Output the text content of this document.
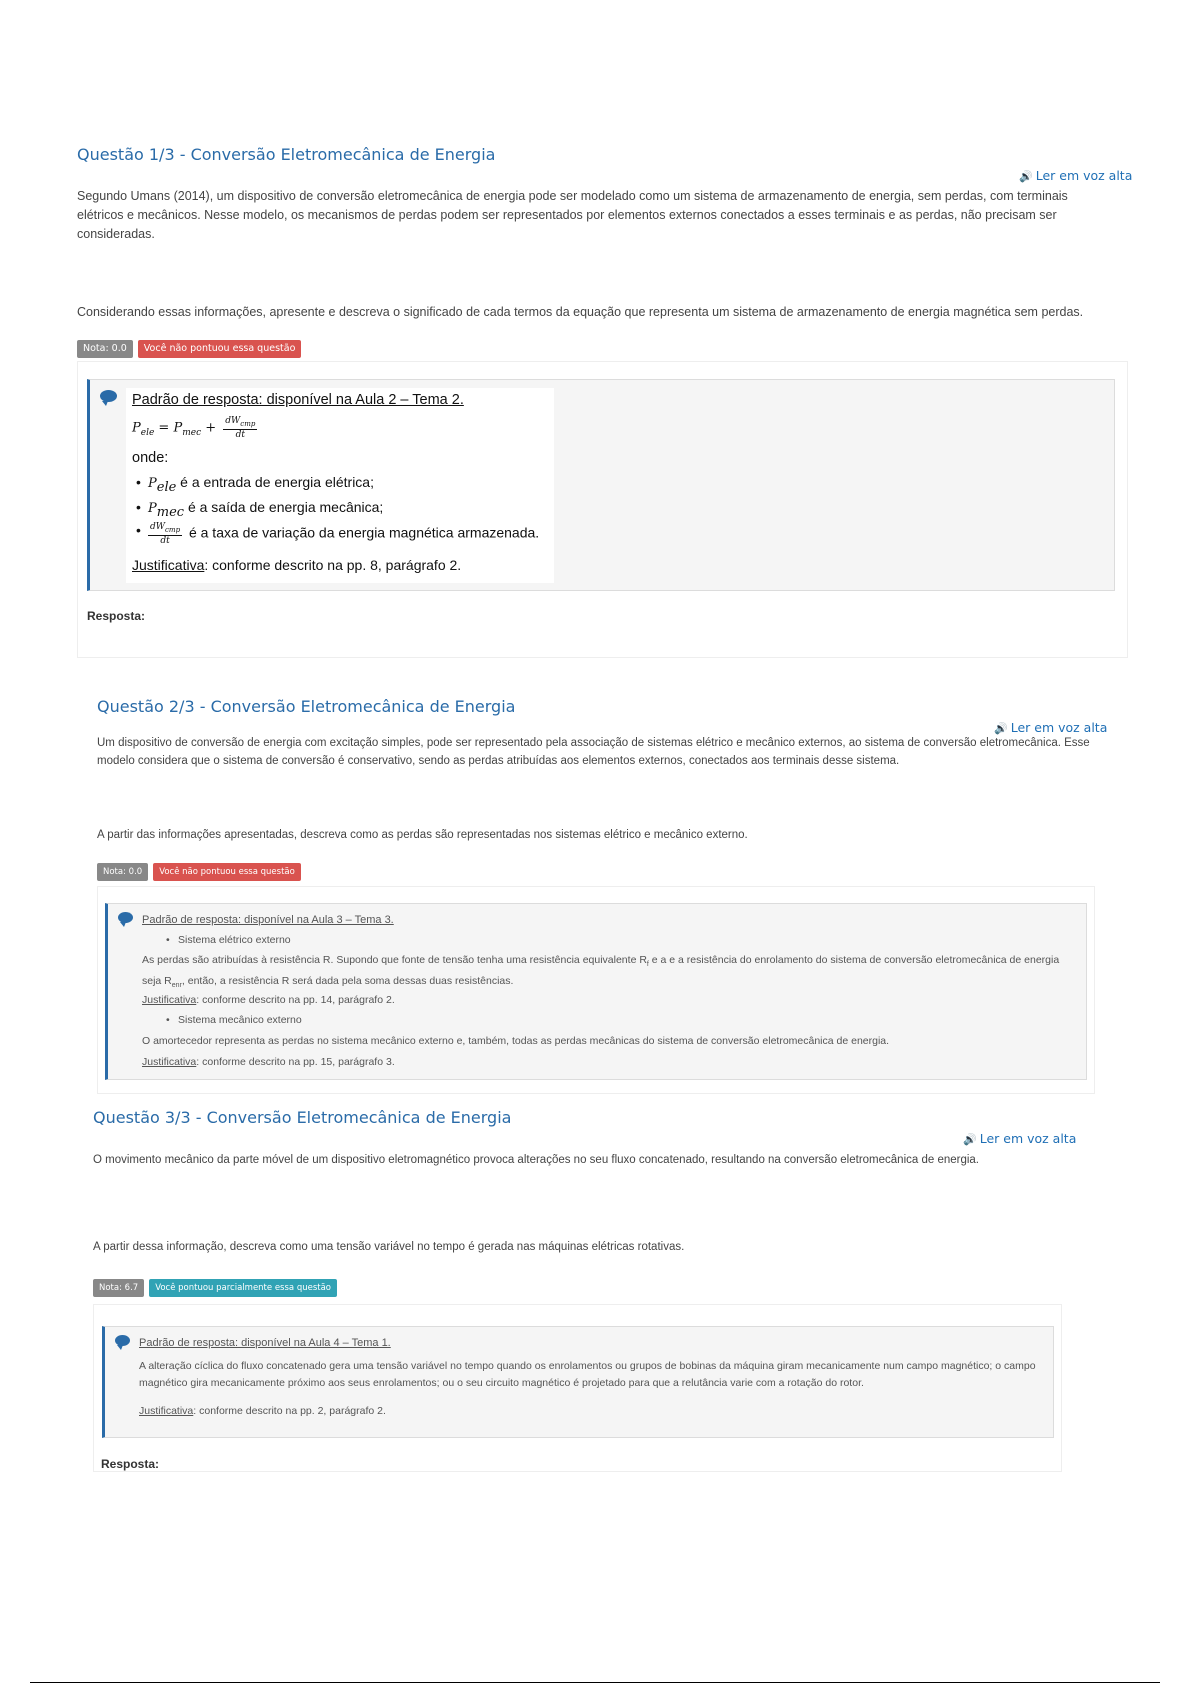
Questão 1/3 - Conversão Eletromecânica de Energia
🔊 Ler em voz alta

Segundo Umans (2014), um dispositivo de conversão eletromecânica de energia pode ser modelado como um sistema de armazenamento de energia, sem perdas, com terminais elétricos e mecânicos. Nesse modelo, os mecanismos de perdas podem ser representados por elementos externos conectados a esses terminais e as perdas, não precisam ser consideradas.

Considerando essas informações, apresente e descreva o significado de cada termos da equação que representa um sistema de armazenamento de energia magnética sem perdas.

Nota: 0.0	Você não pontuou essa questão
Padrão de resposta: disponível na Aula 2 – Tema 2.
$P_{ele} = P_{mec} + \frac{dW_{cmp}}{dt}$
onde:
• $P_{ele}$ é a entrada de energia elétrica;
• $P_{mec}$ é a saída de energia mecânica;
• $\frac{dW_{cmp}}{dt}$ é a taxa de variação da energia magnética armazenada.
Justificativa: conforme descrito na pp. 8, parágrafo 2.
Resposta:
Questão 2/3 - Conversão Eletromecânica de Energia
🔊 Ler em voz alta

Um dispositivo de conversão de energia com excitação simples, pode ser representado pela associação de sistemas elétrico e mecânico externos, ao sistema de conversão eletromecânica. Esse modelo considera que o sistema de conversão é conservativo, sendo as perdas atribuídas aos elementos externos, conectados aos terminais desse sistema.

A partir das informações apresentadas, descreva como as perdas são representadas nos sistemas elétrico e mecânico externo.

Nota: 0.0	Você não pontuou essa questão
Padrão de resposta: disponível na Aula 3 – Tema 3.
• Sistema elétrico externo

As perdas são atribuídas à resistência R. Supondo que fonte de tensão tenha uma resistência equivalente $R_f$ e a e a resistência do enrolamento do sistema de conversão eletromecânica de energia seja $R_{enr}$, então, a resistência R será dada pela soma dessas duas resistências.

Justificativa: conforme descrito na pp. 14, parágrafo 2.
• Sistema mecânico externo

O amortecedor representa as perdas no sistema mecânico externo e, também, todas as perdas mecânicas do sistema de conversão eletromecânica de energia.

Justificativa: conforme descrito na pp. 15, parágrafo 3.
Questão 3/3 - Conversão Eletromecânica de Energia
🔊 Ler em voz alta

O movimento mecânico da parte móvel de um dispositivo eletromagnético provoca alterações no seu fluxo concatenado, resultando na conversão eletromecânica de energia.

A partir dessa informação, descreva como uma tensão variável no tempo é gerada nas máquinas elétricas rotativas.

Nota: 6.7	Você pontuou parcialmente essa questão
Padrão de resposta: disponível na Aula 4 – Tema 1.

A alteração cíclica do fluxo concatenado gera uma tensão variável no tempo quando os enrolamentos ou grupos de bobinas da máquina giram mecanicamente num campo magnético; o campo magnético gira mecanicamente próximo aos seus enrolamentos; ou o seu circuito magnético é projetado para que a relutância varie com a rotação do rotor.

Justificativa: conforme descrito na pp. 2, parágrafo 2.
Resposta:
